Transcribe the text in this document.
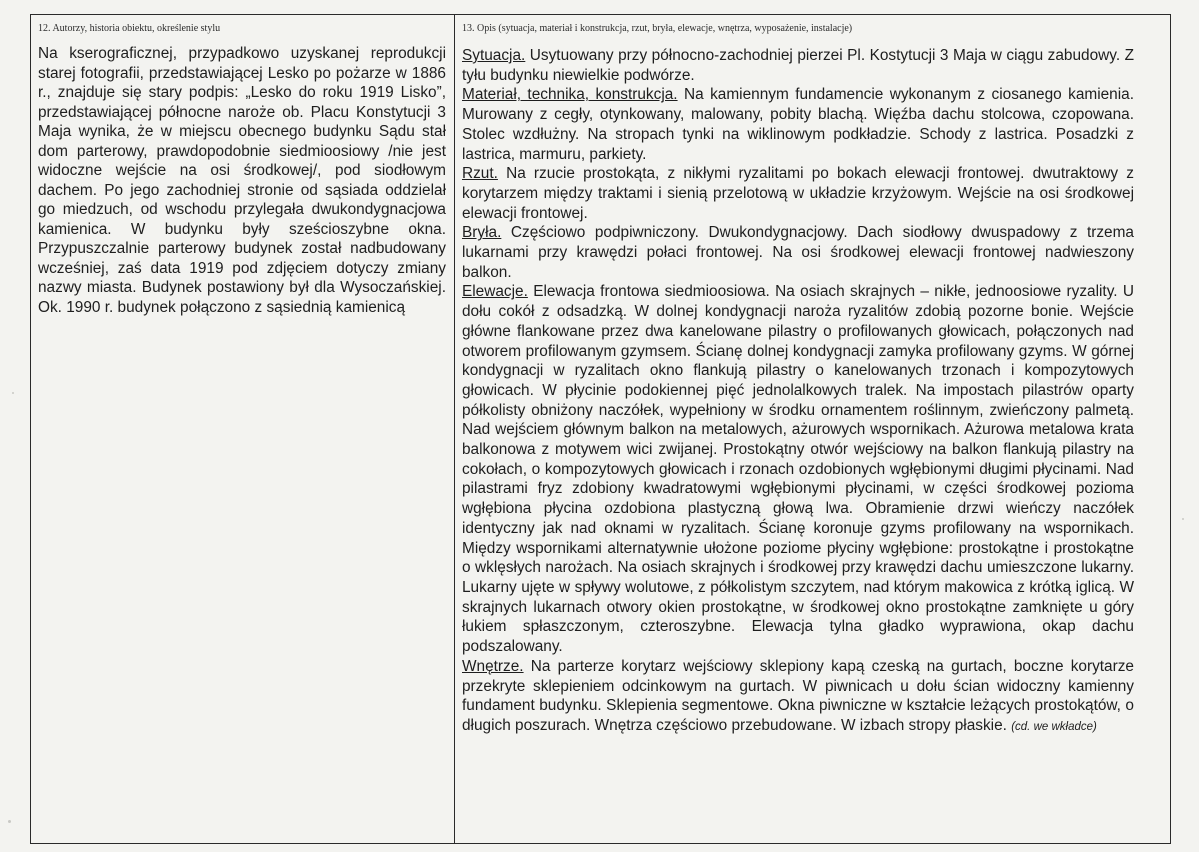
12. Autorzy, historia obiektu, określenie stylu	13. Opis (sytuacja, materiał i konstrukcja, rzut, bryła, elewacje, wnętrza, wyposażenie, instalacje)

Na kserograficznej, przypadkowo uzyskanej reprodukcji starej fotografii, przedstawiającej Lesko po pożarze w 1886 r., znajduje się stary podpis: „Lesko do roku 1919 Lisko”, przedstawiającej północne naroże ob. Placu Konstytucji 3 Maja wynika, że w miejscu obecnego budynku Sądu stał dom parterowy, prawdopodobnie siedmioosiowy /nie jest widoczne wejście na osi środkowej/, pod siodłowym dachem. Po jego zachodniej stronie od sąsiada oddzielał go miedzuch, od wschodu przylegała dwukondygnacjowa kamienica. W budynku były sześcioszybne okna. Przypuszczalnie parterowy budynek został nadbudowany wcześniej, zaś data 1919 pod zdjęciem dotyczy zmiany nazwy miasta. Budynek postawiony był dla Wysoczańskiej. Ok. 1990 r. budynek połączono z sąsiednią kamienicą

Sytuacja. Usytuowany przy północno-zachodniej pierzei Pl. Kostytucji 3 Maja w ciągu zabudowy. Z tyłu budynku niewielkie podwórze.

Materiał, technika, konstrukcja. Na kamiennym fundamencie wykonanym z ciosanego kamienia. Murowany z cegły, otynkowany, malowany, pobity blachą. Więźba dachu stolcowa, czopowana. Stolec wzdłużny. Na stropach tynki na wiklinowym podkładzie. Schody z lastrica. Posadzki z lastrica, marmuru, parkiety.

Rzut. Na rzucie prostokąta, z nikłymi ryzalitami po bokach elewacji frontowej. dwutraktowy z korytarzem między traktami i sienią przelotową w układzie krzyżowym. Wejście na osi środkowej elewacji frontowej.

Bryła. Częściowo podpiwniczony. Dwukondygnacjowy. Dach siodłowy dwuspadowy z trzema lukarnami przy krawędzi połaci frontowej. Na osi środkowej elewacji frontowej nadwieszony balkon.

Elewacje. Elewacja frontowa siedmioosiowa. Na osiach skrajnych – nikłe, jednoosiowe ryzality. U dołu cokół z odsadzką. W dolnej kondygnacji naroża ryzalitów zdobią pozorne bonie. Wejście główne flankowane przez dwa kanelowane pilastry o profilowanych głowicach, połączonych nad otworem profilowanym gzymsem. Ścianę dolnej kondygnacji zamyka profilowany gzyms. W górnej kondygnacji w ryzalitach okno flankują pilastry o kanelowanych trzonach i kompozytowych głowicach. W płycinie podokiennej pięć jednolalkowych tralek. Na impostach pilastrów oparty półkolisty obniżony naczółek, wypełniony w środku ornamentem roślinnym, zwieńczony palmetą. Nad wejściem głównym balkon na metalowych, ażurowych wspornikach. Ażurowa metalowa krata balkonowa z motywem wici zwijanej. Prostokątny otwór wejściowy na balkon flankują pilastry na cokołach, o kompozytowych głowicach i rzonach ozdobionych wgłębionymi długimi płycinami. Nad pilastrami fryz zdobiony kwadratowymi wgłębionymi płycinami, w części środkowej pozioma wgłębiona płycina ozdobiona plastyczną głową lwa. Obramienie drzwi wieńczy naczółek identyczny jak nad oknami w ryzalitach. Ścianę koronuje gzyms profilowany na wspornikach. Między wspornikami alternatywnie ułożone poziome płyciny wgłębione: prostokątne i prostokątne o wklęsłych narożach. Na osiach skrajnych i środkowej przy krawędzi dachu umieszczone lukarny. Lukarny ujęte w spływy wolutowe, z półkolistym szczytem, nad którym makowica z krótką iglicą. W skrajnych lukarnach otwory okien prostokątne, w środkowej okno prostokątne zamknięte u góry łukiem spłaszczonym, czteroszybne. Elewacja tylna gładko wyprawiona, okap dachu podszalowany.

Wnętrze. Na parterze korytarz wejściowy sklepiony kapą czeską na gurtach, boczne korytarze przekryte sklepieniem odcinkowym na gurtach. W piwnicach u dołu ścian widoczny kamienny fundament budynku. Sklepienia segmentowe. Okna piwniczne w kształcie leżących prostokątów, o długich poszurach. Wnętrza częściowo przebudowane. W izbach stropy płaskie. (cd. we wkładce)
